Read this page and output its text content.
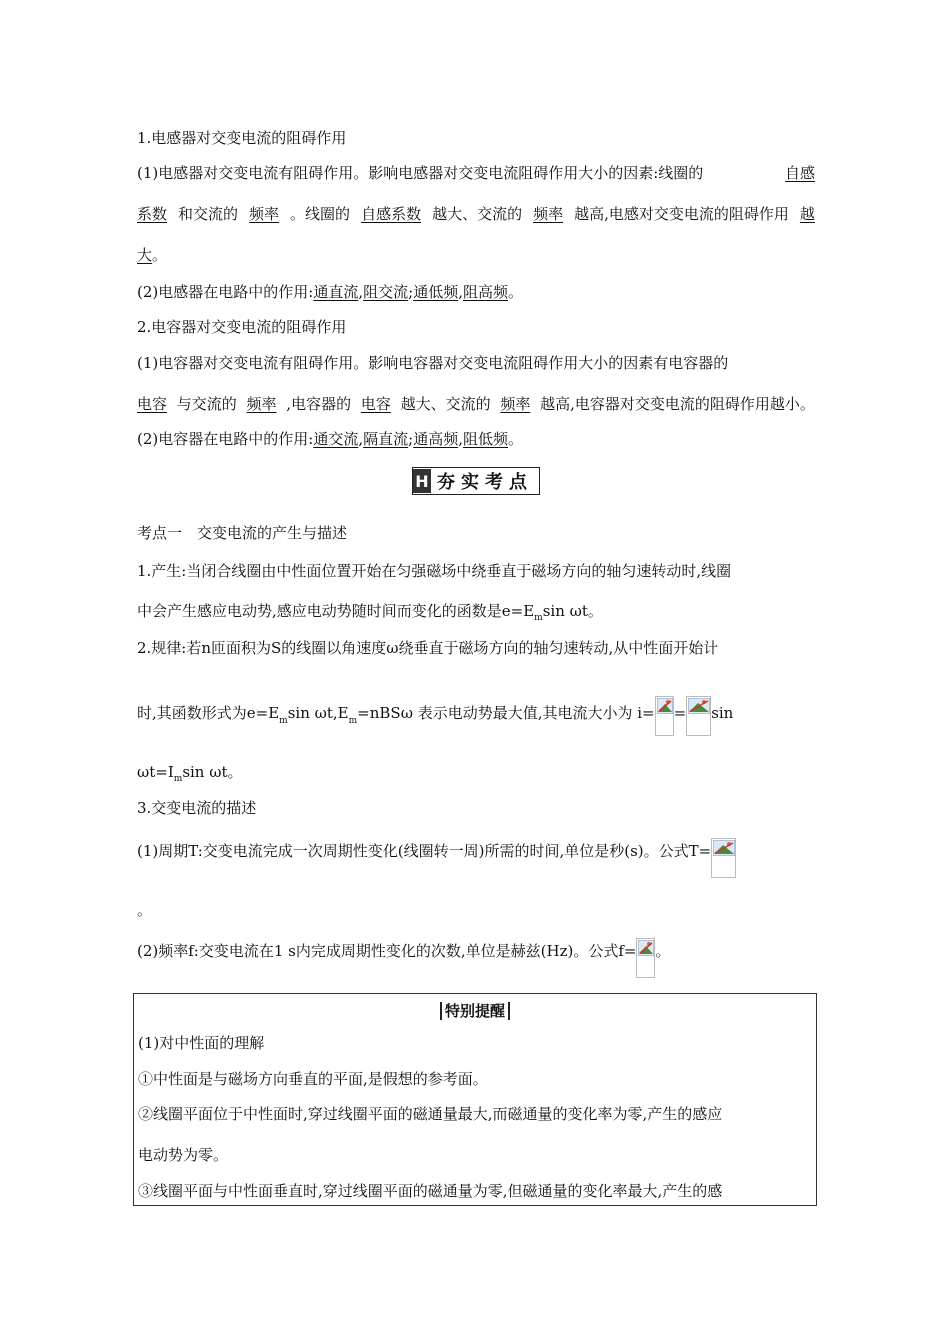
1.电感器对交变电流的阻碍作用
(1)电感器对交变电流有阻碍作用。影响电感器对交变电流阻碍作用大小的因素:线圈的	自感
系数 和交流的 频率 。线圈的 自感系数 越大、交流的 频率 越高,电感对交变电流的阻碍作用 越
大。
(2)电感器在电路中的作用:通直流,阻交流;通低频,阻高频。
2.电容器对交变电流的阻碍作用
(1)电容器对交变电流有阻碍作用。影响电容器对交变电流阻碍作用大小的因素有电容器的
电容 与交流的 频率 ,电容器的 电容 越大、交流的 频率 越高,电容器对交变电流的阻碍作用越小。
(2)电容器在电路中的作用:通交流,隔直流;通高频,阻低频。
H 夯实考点
考点一　交变电流的产生与描述
1.产生:当闭合线圈由中性面位置开始在匀强磁场中绕垂直于磁场方向的轴匀速转动时,线圈
中会产生感应电动势,感应电动势随时间而变化的函数是$e=E_m\sin$ ωt。
2.规律:若n匝面积为S的线圈以角速度ω绕垂直于磁场方向的轴匀速转动,从中性面开始计
时,其函数形式为$e=E_m$ $\sin \omega t,E_m =nBS\omega$ 表示电动势最大值,其电流大小为 i= = sin
$\omega t=I_m\sin$ ωt。
3.交变电流的描述
(1)周期T:交变电流完成一次周期性变化(线圈转一周)所需的时间,单位是秒(s)。公式T=
。
(2)频率f:交变电流在1 s内完成周期性变化的次数,单位是赫兹(Hz)。公式f= 。
特别提醒
(1)对中性面的理解
①中性面是与磁场方向垂直的平面,是假想的参考面。
②线圈平面位于中性面时,穿过线圈平面的磁通量最大,而磁通量的变化率为零,产生的感应
电动势为零。
③线圈平面与中性面垂直时,穿过线圈平面的磁通量为零,但磁通量的变化率最大,产生的感
